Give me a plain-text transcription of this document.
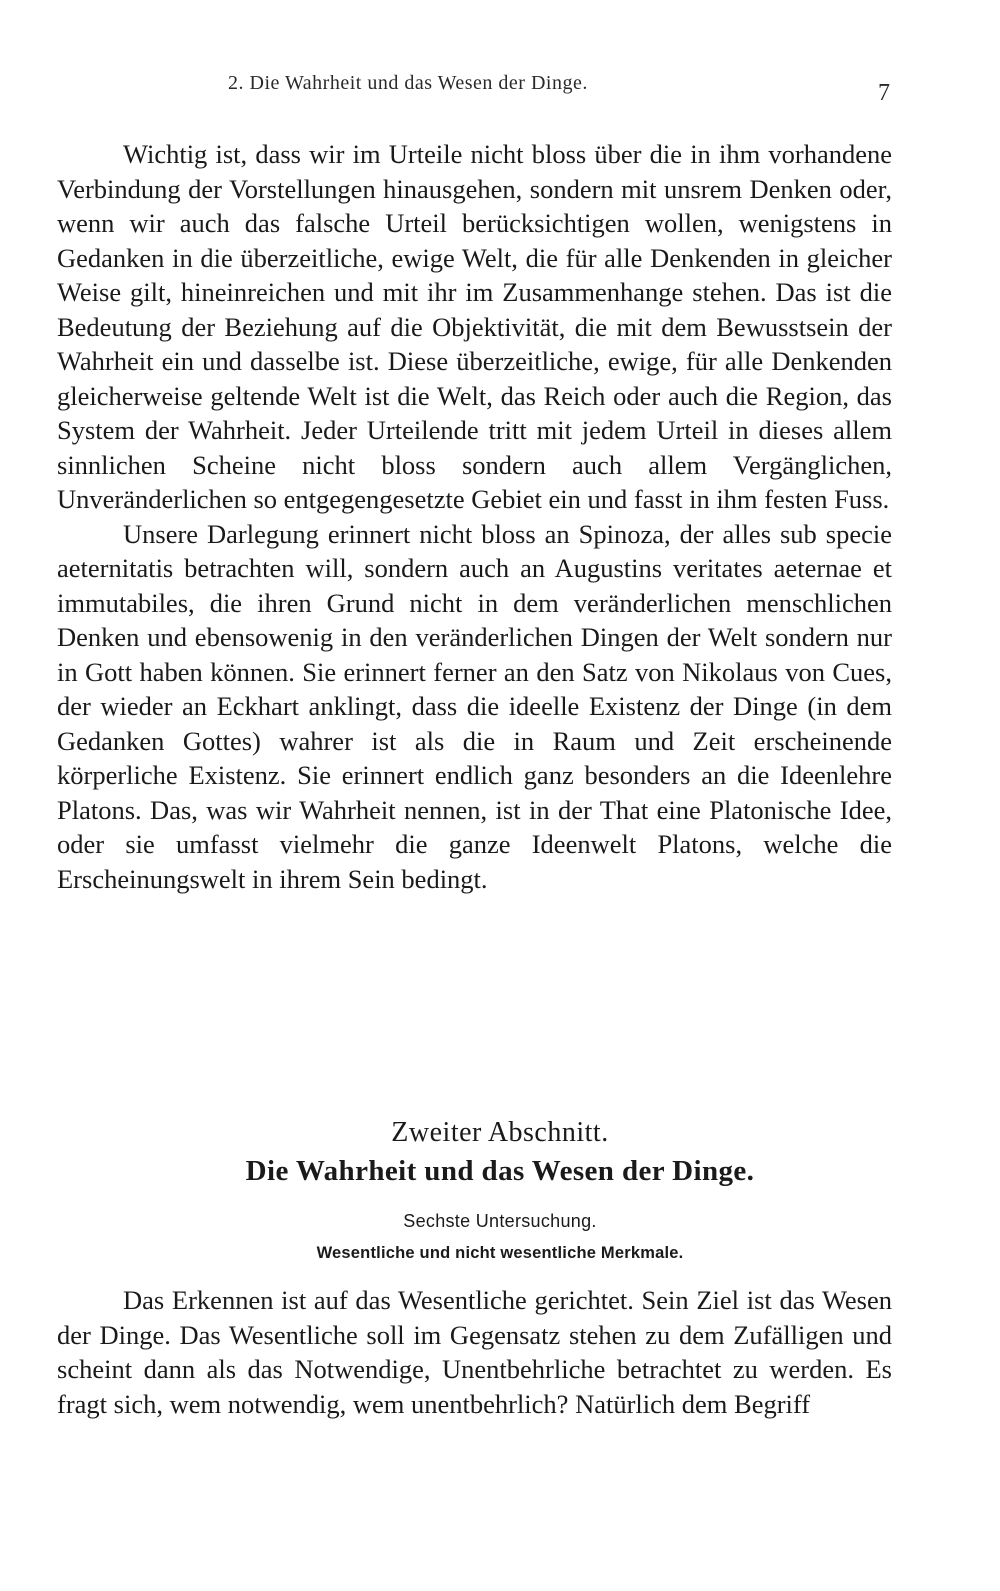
2. Die Wahrheit und das Wesen der Dinge.	7

Wichtig ist, dass wir im Urteile nicht bloss über die in ihm vorhandene Verbindung der Vorstellungen hinausgehen, sondern mit unsrem Denken oder, wenn wir auch das falsche Urteil berücksichtigen wollen, wenigstens in Gedanken in die überzeitliche, ewige Welt, die für alle Denkenden in gleicher Weise gilt, hineinreichen und mit ihr im Zusammenhange stehen. Das ist die Bedeutung der Beziehung auf die Objektivität, die mit dem Bewusstsein der Wahrheit ein und dasselbe ist. Diese überzeitliche, ewige, für alle Denkenden gleicherweise geltende Welt ist die Welt, das Reich oder auch die Region, das System der Wahrheit. Jeder Urteilende tritt mit jedem Urteil in dieses allem sinnlichen Scheine nicht bloss sondern auch allem Vergänglichen, Unveränderlichen so entgegengesetzte Gebiet ein und fasst in ihm festen Fuss.

Unsere Darlegung erinnert nicht bloss an Spinoza, der alles sub specie aeternitatis betrachten will, sondern auch an Augustins veritates aeternae et immutabiles, die ihren Grund nicht in dem veränderlichen menschlichen Denken und ebensowenig in den veränderlichen Dingen der Welt sondern nur in Gott haben können. Sie erinnert ferner an den Satz von Nikolaus von Cues, der wieder an Eckhart anklingt, dass die ideelle Existenz der Dinge (in dem Gedanken Gottes) wahrer ist als die in Raum und Zeit erscheinende körperliche Existenz. Sie erinnert endlich ganz besonders an die Ideenlehre Platons. Das, was wir Wahrheit nennen, ist in der That eine Platonische Idee, oder sie umfasst vielmehr die ganze Ideenwelt Platons, welche die Erscheinungswelt in ihrem Sein bedingt.

Zweiter Abschnitt.
Die Wahrheit und das Wesen der Dinge.
Sechste Untersuchung.
Wesentliche und nicht wesentliche Merkmale.

Das Erkennen ist auf das Wesentliche gerichtet. Sein Ziel ist das Wesen der Dinge. Das Wesentliche soll im Gegensatz stehen zu dem Zufälligen und scheint dann als das Notwendige, Unentbehrliche betrachtet zu werden. Es fragt sich, wem notwendig, wem unentbehrlich? Natürlich dem Begriff
